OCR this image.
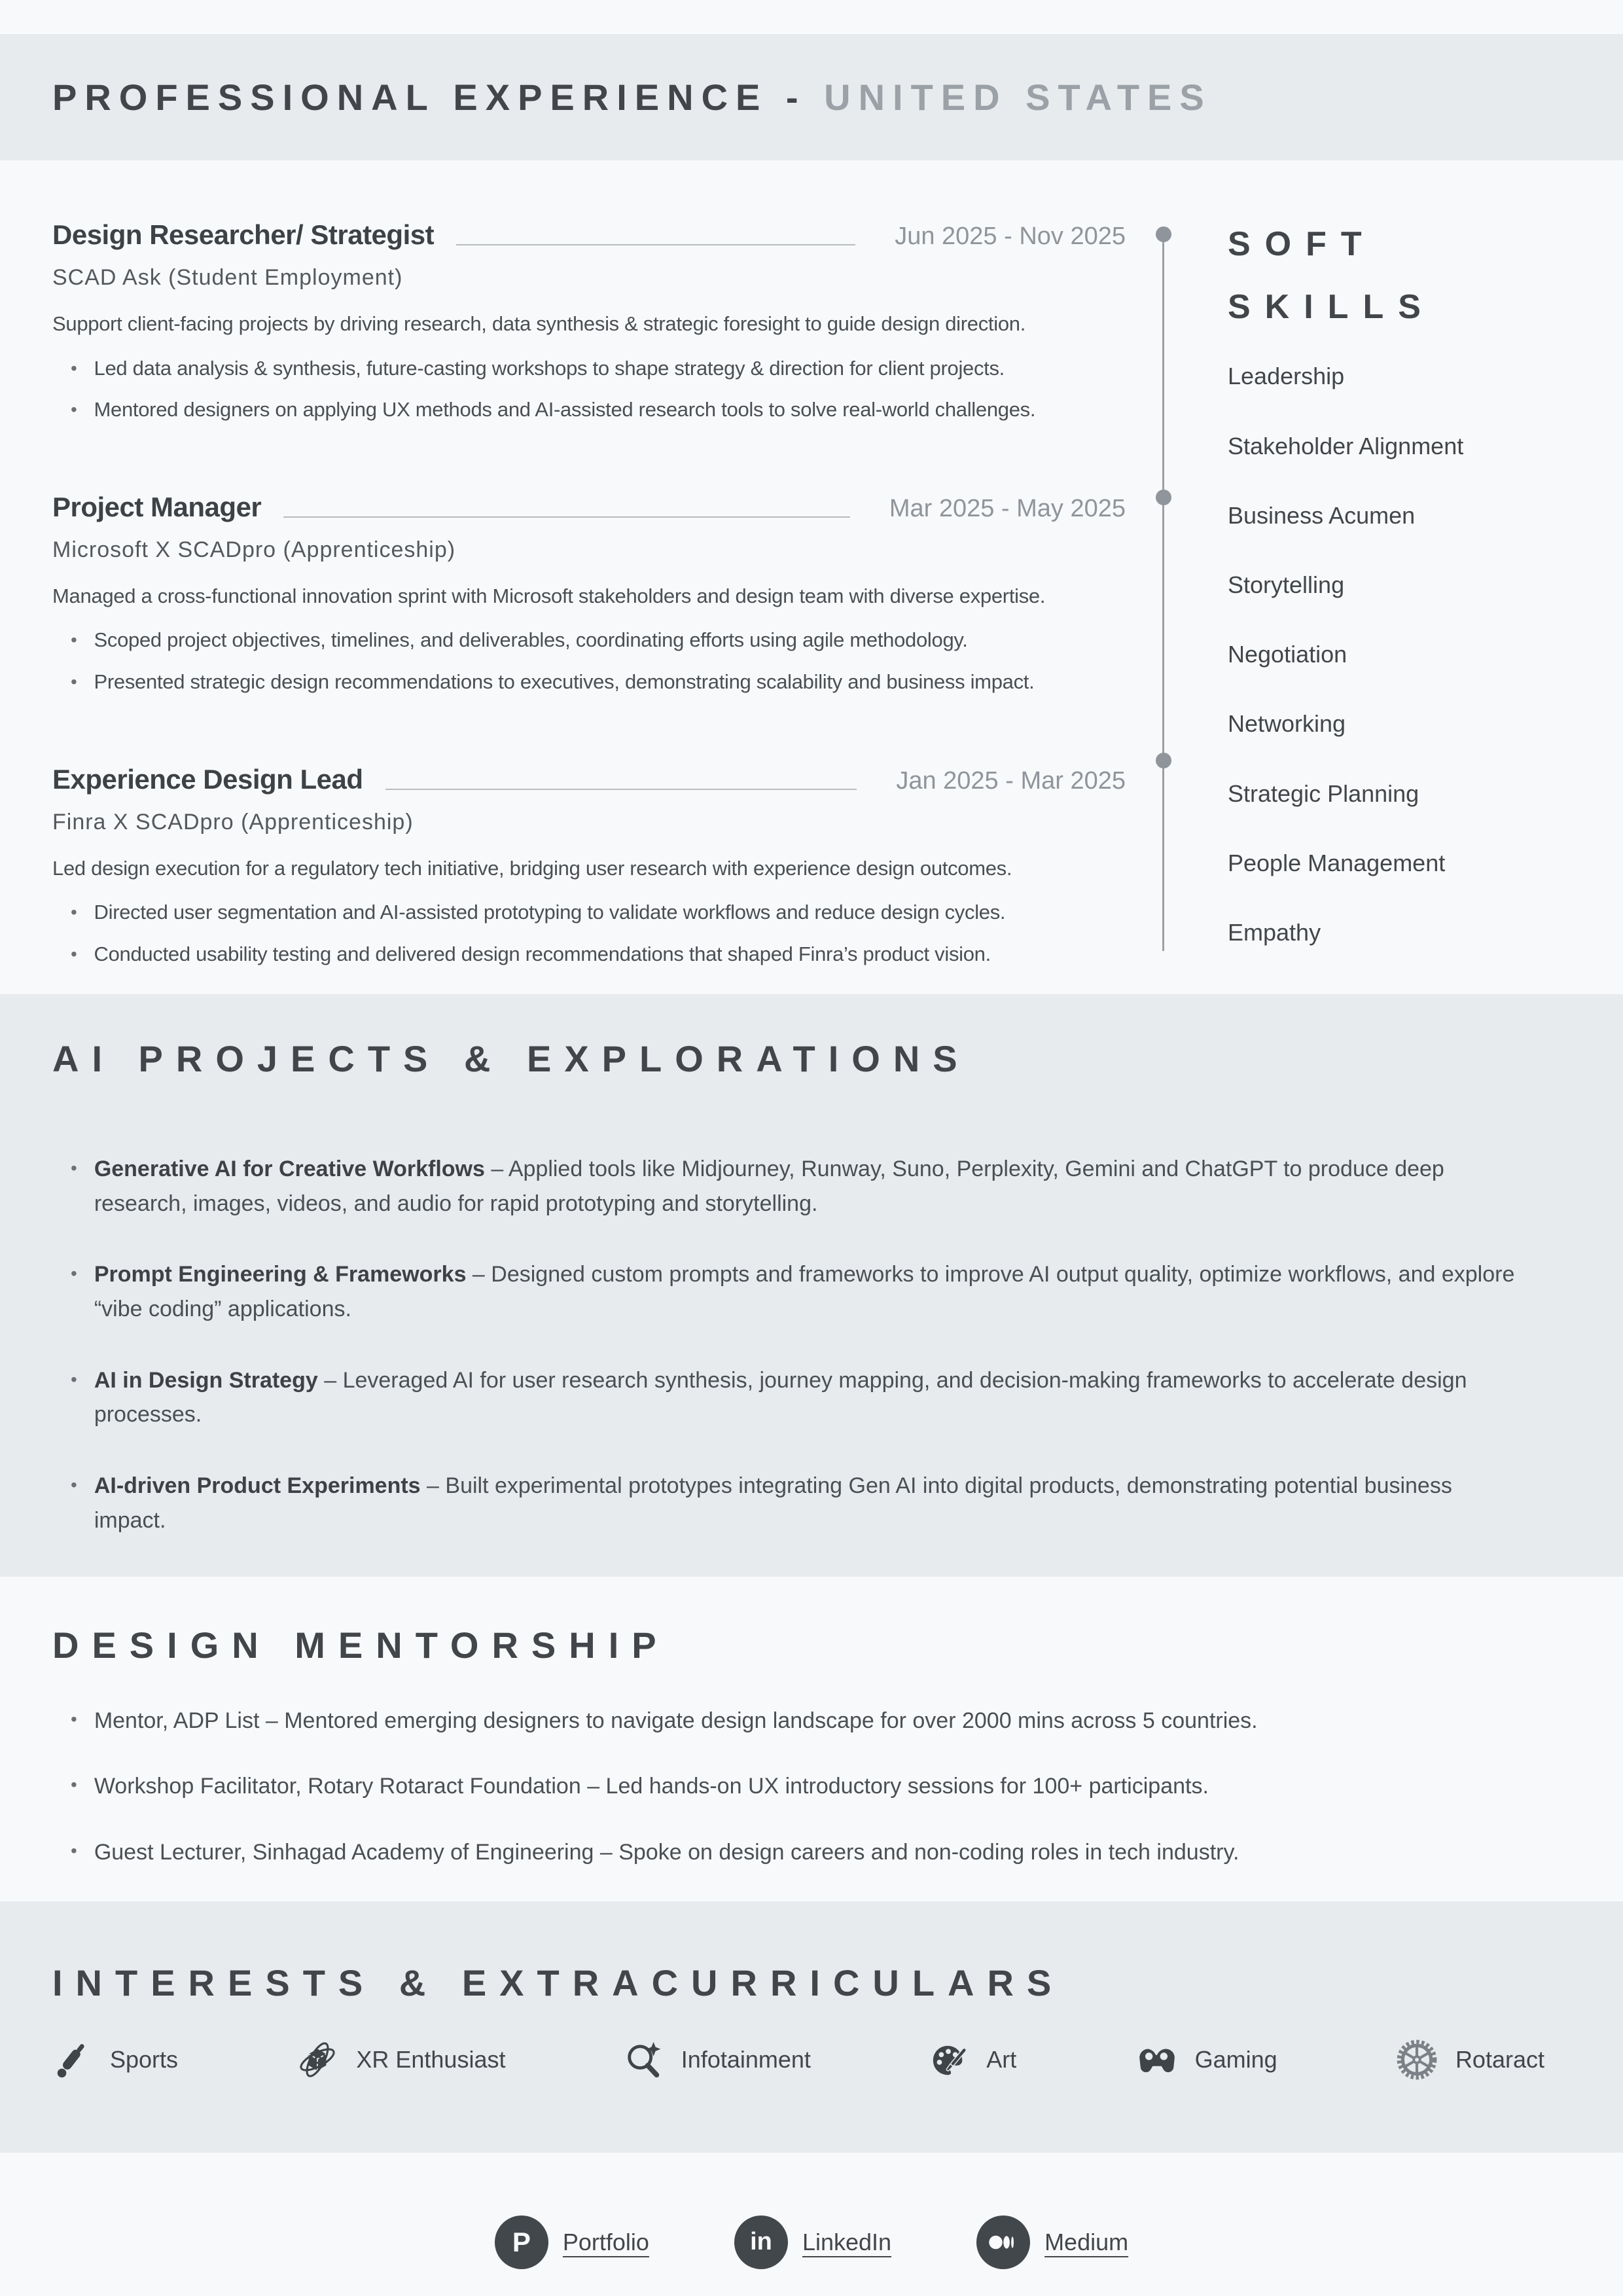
PROFESSIONAL EXPERIENCE - UNITED STATES
Design Researcher/ Strategist	Jun 2025 - Nov 2025
SCAD Ask (Student Employment)
Support client-facing projects by driving research, data synthesis & strategic foresight to guide design direction.
• Led data analysis & synthesis, future-casting workshops to shape strategy & direction for client projects.
• Mentored designers on applying UX methods and AI-assisted research tools to solve real-world challenges.
Project Manager	Mar 2025 - May 2025
Microsoft X SCADpro (Apprenticeship)
Managed a cross-functional innovation sprint with Microsoft stakeholders and design team with diverse expertise.
• Scoped project objectives, timelines, and deliverables, coordinating efforts using agile methodology.
• Presented strategic design recommendations to executives, demonstrating scalability and business impact.
Experience Design Lead	Jan 2025 - Mar 2025
Finra X SCADpro (Apprenticeship)
Led design execution for a regulatory tech initiative, bridging user research with experience design outcomes.
• Directed user segmentation and AI-assisted prototyping to validate workflows and reduce design cycles.
• Conducted usability testing and delivered design recommendations that shaped Finra’s product vision.
SOFT
SKILLS
Leadership
Stakeholder Alignment
Business Acumen
Storytelling
Negotiation
Networking
Strategic Planning
People Management
Empathy
AI PROJECTS & EXPLORATIONS
• Generative AI for Creative Workflows – Applied tools like Midjourney, Runway, Suno, Perplexity, Gemini and ChatGPT to produce deep research, images, videos, and audio for rapid prototyping and storytelling.
• Prompt Engineering & Frameworks – Designed custom prompts and frameworks to improve AI output quality, optimize workflows, and explore “vibe coding” applications.
• AI in Design Strategy – Leveraged AI for user research synthesis, journey mapping, and decision-making frameworks to accelerate design processes.
• AI-driven Product Experiments – Built experimental prototypes integrating Gen AI into digital products, demonstrating potential business impact.
DESIGN MENTORSHIP
• Mentor, ADP List – Mentored emerging designers to navigate design landscape for over 2000 mins across 5 countries.
• Workshop Facilitator, Rotary Rotaract Foundation – Led hands-on UX introductory sessions for 100+ participants.
• Guest Lecturer, Sinhagad Academy of Engineering – Spoke on design careers and non-coding roles in tech industry.
INTERESTS & EXTRACURRICULARS
Sports	XR Enthusiast	Infotainment	Art	Gaming	Rotaract
P	Portfolio	in	LinkedIn	Medium
